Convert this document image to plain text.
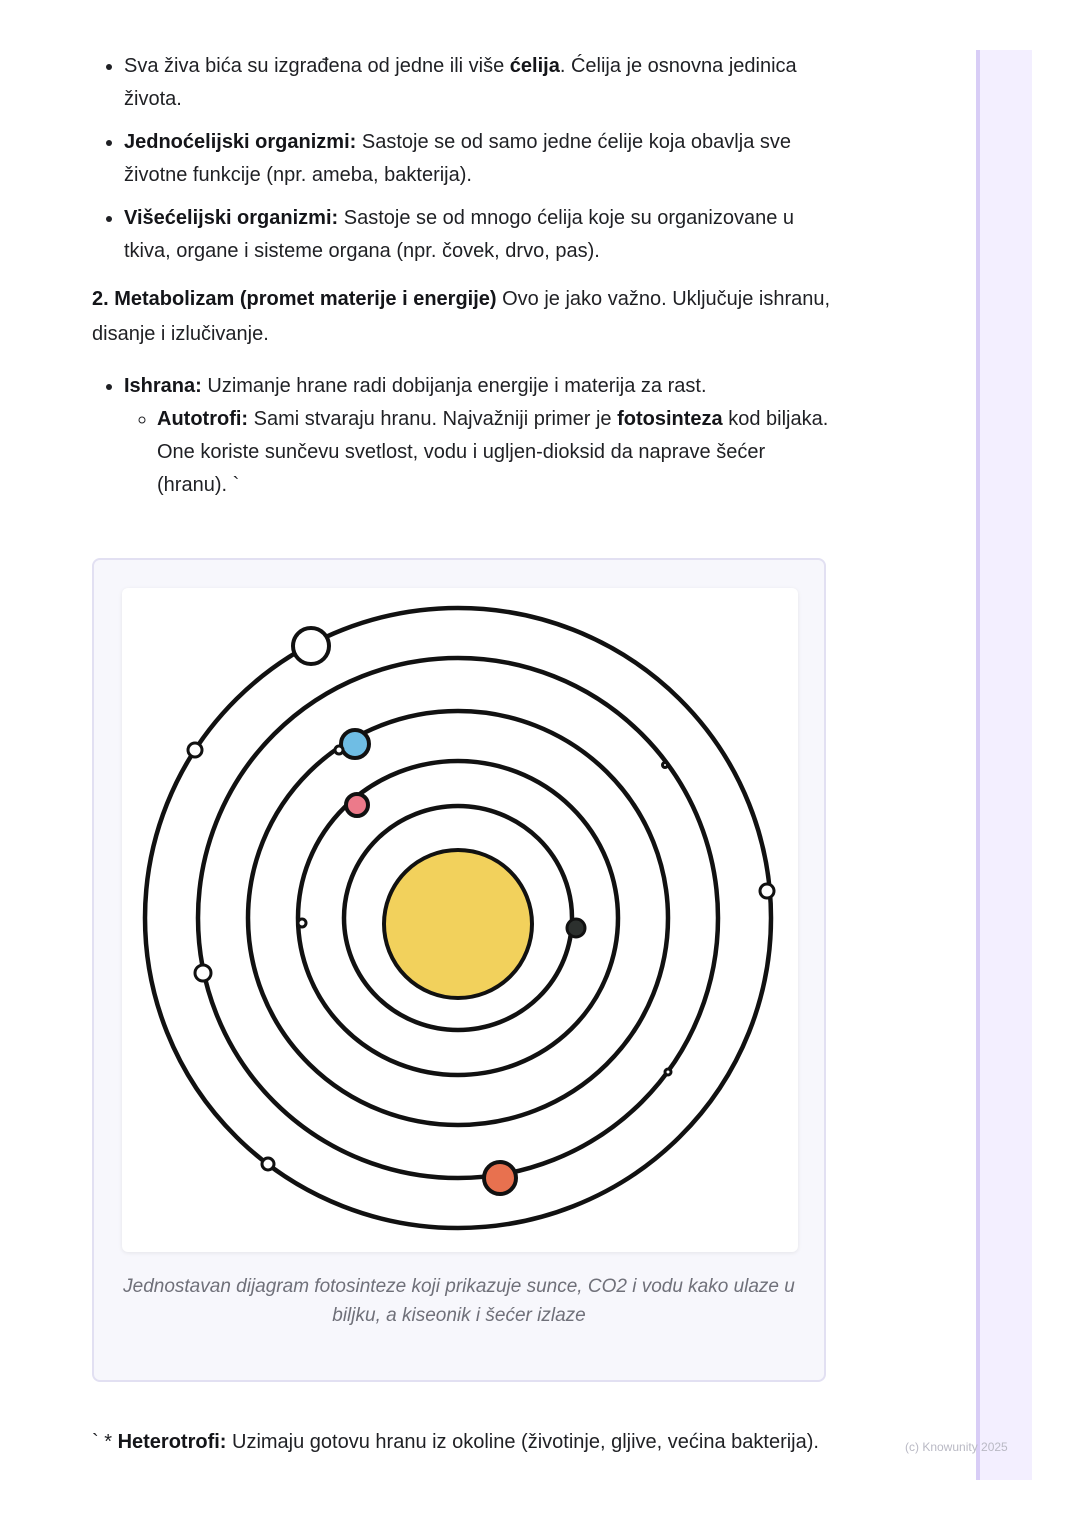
• Sva živa bića su izgrađena od jedne ili više ćelija. Ćelija je osnovna jedinica života.
• Jednoćelijski organizmi: Sastoje se od samo jedne ćelije koja obavlja sve životne funkcije (npr. ameba, bakterija).
• Višećelijski organizmi: Sastoje se od mnogo ćelija koje su organizovane u tkiva, organe i sisteme organa (npr. čovek, drvo, pas).

2. Metabolizam (promet materije i energije) Ovo je jako važno. Uključuje ishranu, disanje i izlučivanje.

• Ishrana: Uzimanje hrane radi dobijanja energije i materija za rast.
◦ Autotrofi: Sami stvaraju hranu. Najvažniji primer je fotosinteza kod biljaka. One koriste sunčevu svetlost, vodu i ugljen-dioksid da naprave šećer (hranu). `
Jednostavan dijagram fotosinteze koji prikazuje sunce, CO2 i vodu kako ulaze u biljku, a kiseonik i šećer izlaze
` * Heterotrofi: Uzimaju gotovu hranu iz okoline (životinje, gljive, većina bakterija).	(c) Knowunity 2025
